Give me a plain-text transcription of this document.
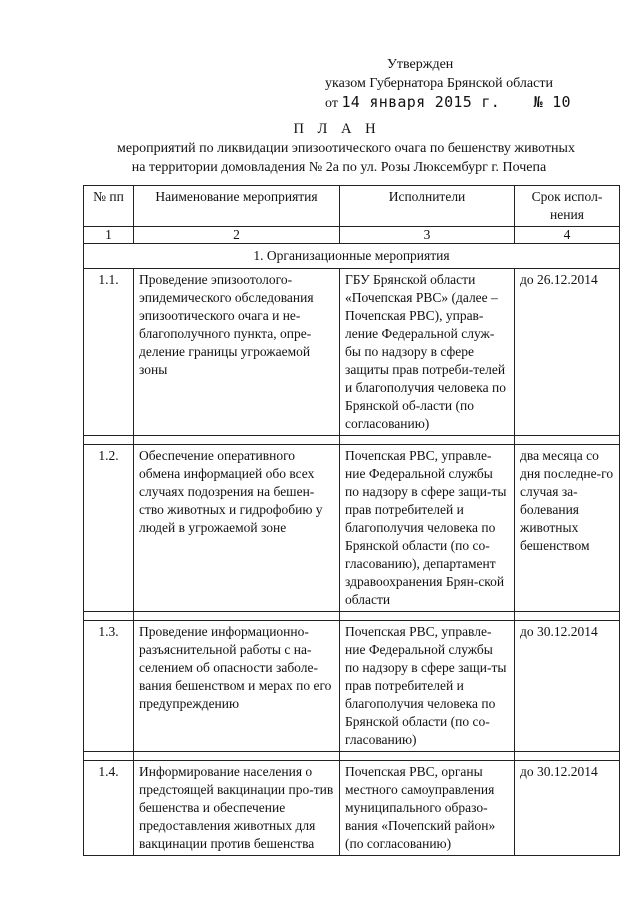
Утвержден
указом Губернатора Брянской области
от 14 января 2015 г. № 10
П Л А Н
мероприятий по ликвидации эпизоотического очага по бешенству животных
на территории домовладения № 2а по ул. Розы Люксембург г. Почепа
№ пп	Наименование мероприятия	Исполнители	Срок испол-нения
1	2	3	4
1. Организационные мероприятия			
1.1.	Проведение эпизоотолого-эпидемического обследования эпизоотического очага и не-благополучного пункта, опре-деление границы угрожаемой зоны	ГБУ Брянской области «Почепская РВС» (далее – Почепская РВС), управ-ление Федеральной служ-бы по надзору в сфере защиты прав потреби-телей и благополучия человека по Брянской об-ласти (по согласованию)	до 26.12.2014

1.2.	Обеспечение оперативного обмена информацией обо всех случаях подозрения на бешен-ство животных и гидрофобию у людей в угрожаемой зоне	Почепская РВС, управле-ние Федеральной службы по надзору в сфере защи-ты прав потребителей и благополучия человека по Брянской области (по со-гласованию), департамент здравоохранения Брян-ской области	два месяца со дня последне-го случая за-болевания животных бешенством

1.3.	Проведение информационно-разъяснительной работы с на-селением об опасности заболе-вания бешенством и мерах по его предупреждению	Почепская РВС, управле-ние Федеральной службы по надзору в сфере защи-ты прав потребителей и благополучия человека по Брянской области (по со-гласованию)	до 30.12.2014

1.4.	Информирование населения о предстоящей вакцинации про-тив бешенства и обеспечение предоставления животных для вакцинации против бешенства	Почепская РВС, органы местного самоуправления муниципального образо-вания «Почепский район» (по согласованию)	до 30.12.2014
